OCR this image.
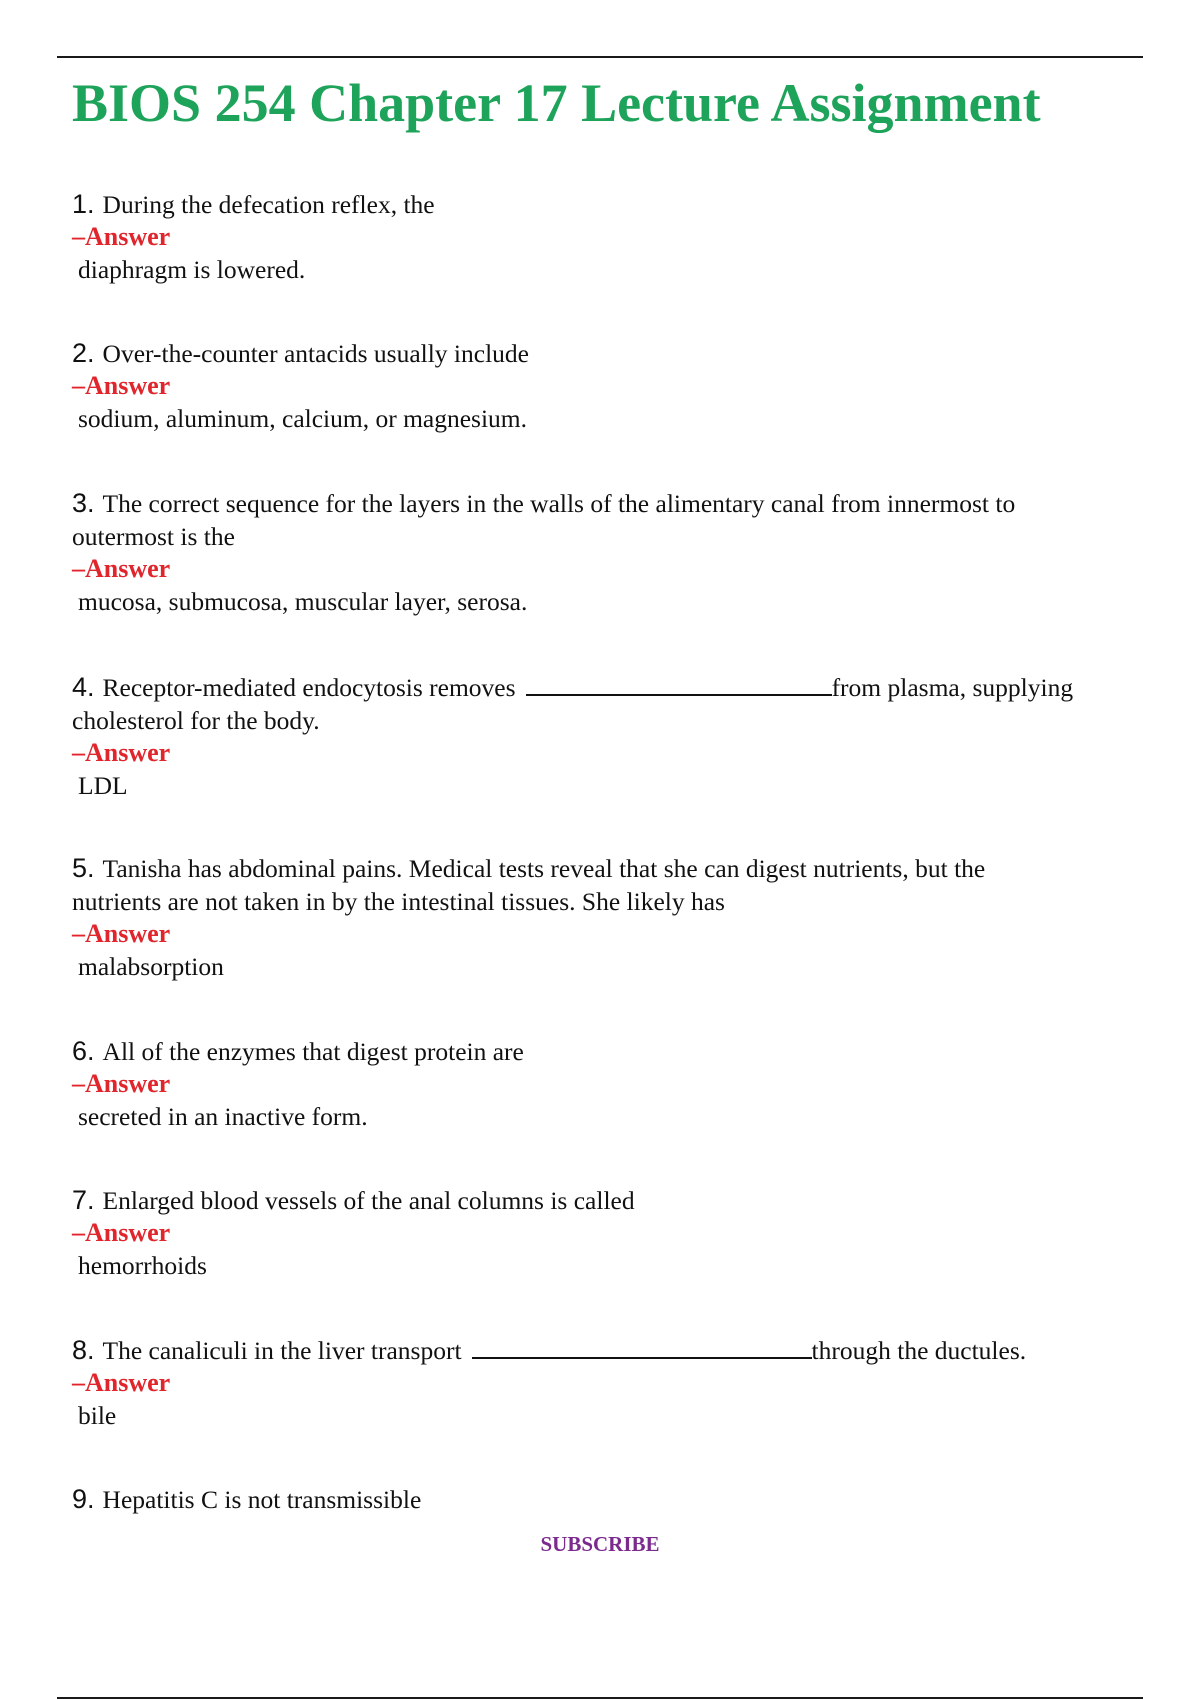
BIOS 254 Chapter 17 Lecture Assignment
1. During the defecation reflex, the
–Answer
diaphragm is lowered.
2. Over-the-counter antacids usually include
–Answer
sodium, aluminum, calcium, or magnesium.
3. The correct sequence for the layers in the walls of the alimentary canal from innermost to
outermost is the
–Answer
mucosa, submucosa, muscular layer, serosa.
4. Receptor-mediated endocytosis removes	from plasma, supplying
cholesterol for the body.
–Answer
LDL
5. Tanisha has abdominal pains. Medical tests reveal that she can digest nutrients, but the
nutrients are not taken in by the intestinal tissues. She likely has
–Answer
malabsorption
6. All of the enzymes that digest protein are
–Answer
secreted in an inactive form.
7. Enlarged blood vessels of the anal columns is called
–Answer
hemorrhoids
8. The canaliculi in the liver transport	through the ductules.
–Answer
bile
9. Hepatitis C is not transmissible
SUBSCRIBE
